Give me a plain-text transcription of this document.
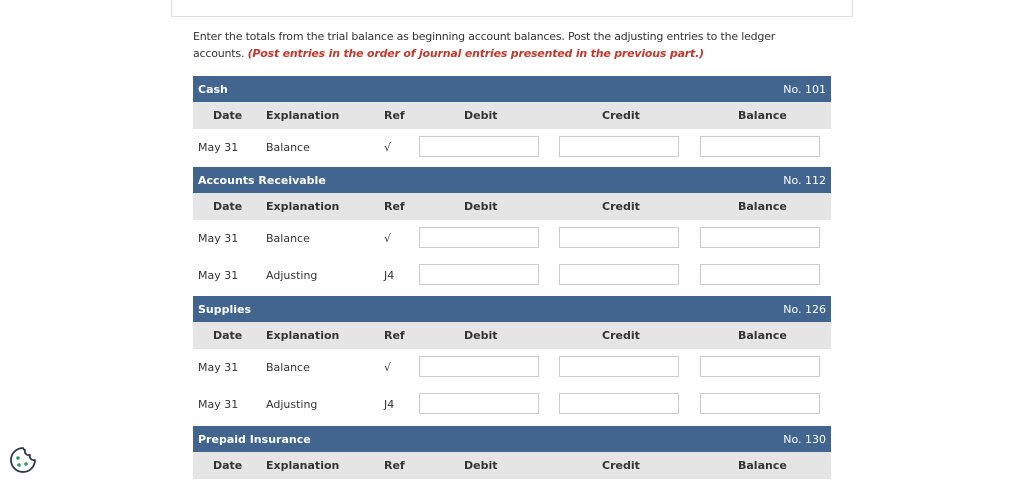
Enter the totals from the trial balance as beginning account balances. Post the adjusting entries to the ledger accounts. (Post entries in the order of journal entries presented in the previous part.)
Cash	No. 101
Date Explanation	Ref	Debit	Credit	Balance
May 31	Balance	√
Accounts Receivable	No. 112
Date Explanation	Ref	Debit	Credit	Balance
May 31	Balance	√
May 31	Adjusting	J4
Supplies	No. 126
Date Explanation	Ref	Debit	Credit	Balance
May 31	Balance	√
May 31	Adjusting	J4
Prepaid Insurance	No. 130
Date Explanation	Ref	Debit	Credit	Balance
